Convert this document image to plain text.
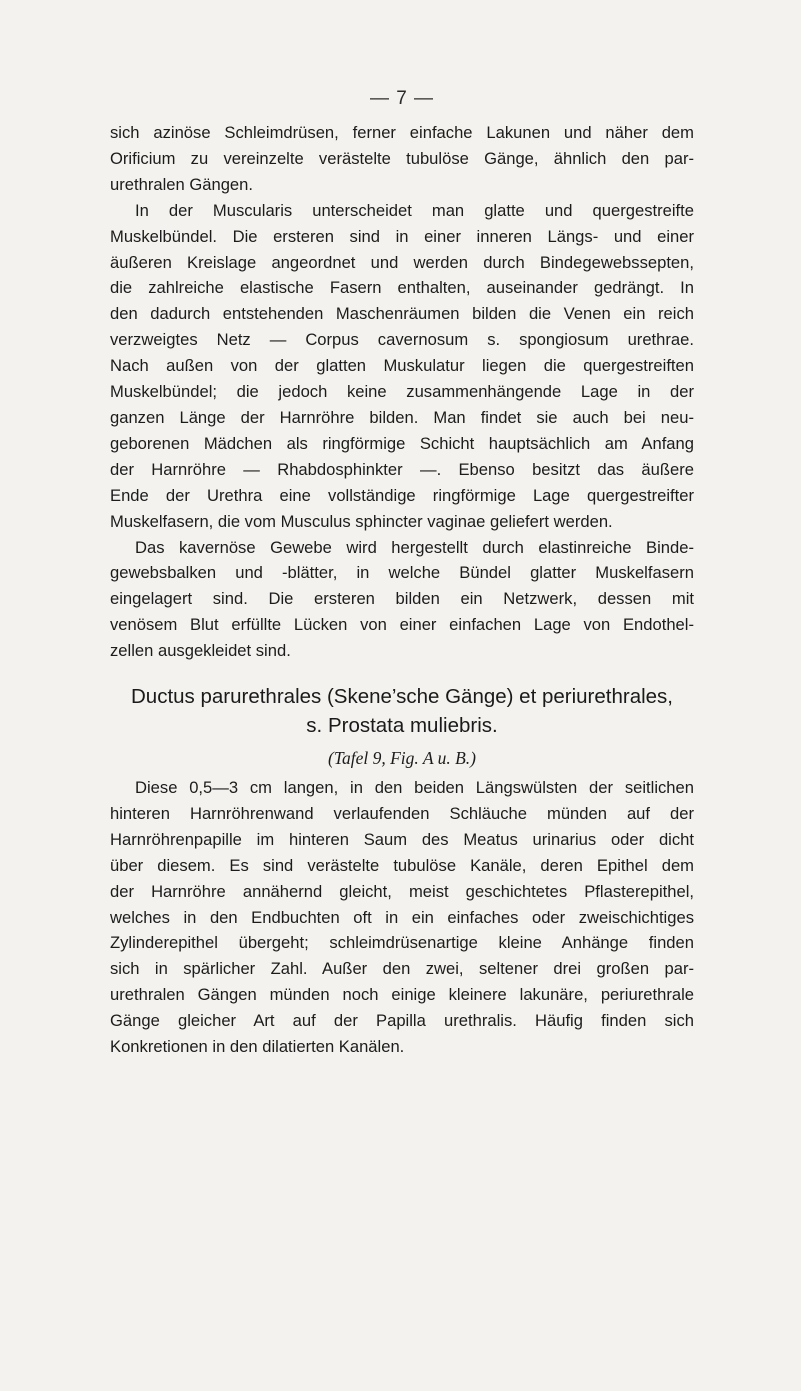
— 7 —

sich azinöse Schleimdrüsen, ferner einfache Lakunen und näher dem
Orificium zu vereinzelte verästelte tubulöse Gänge, ähnlich den par-
urethralen Gängen.

In der Muscularis unterscheidet man glatte und quergestreifte
Muskelbündel. Die ersteren sind in einer inneren Längs- und einer
äußeren Kreislage angeordnet und werden durch Bindegewebssepten,
die zahlreiche elastische Fasern enthalten, auseinander gedrängt. In
den dadurch entstehenden Maschenräumen bilden die Venen ein reich
verzweigtes Netz — Corpus cavernosum s. spongiosum urethrae.
Nach außen von der glatten Muskulatur liegen die quergestreiften
Muskelbündel; die jedoch keine zusammenhängende Lage in der
ganzen Länge der Harnröhre bilden. Man findet sie auch bei neu-
geborenen Mädchen als ringförmige Schicht hauptsächlich am Anfang
der Harnröhre — Rhabdosphinkter —. Ebenso besitzt das äußere
Ende der Urethra eine vollständige ringförmige Lage quergestreifter
Muskelfasern, die vom Musculus sphincter vaginae geliefert werden.

Das kavernöse Gewebe wird hergestellt durch elastinreiche Binde-
gewebsbalken und -blätter, in welche Bündel glatter Muskelfasern
eingelagert sind. Die ersteren bilden ein Netzwerk, dessen mit
venösem Blut erfüllte Lücken von einer einfachen Lage von Endothel-
zellen ausgekleidet sind.

Ductus parurethrales (Skene’sche Gänge) et periurethrales,
s. Prostata muliebris.
(Tafel 9, Fig. A u. B.)

Diese 0,5—3 cm langen, in den beiden Längswülsten der seitlichen
hinteren Harnröhrenwand verlaufenden Schläuche münden auf der
Harnröhrenpapille im hinteren Saum des Meatus urinarius oder dicht
über diesem. Es sind verästelte tubulöse Kanäle, deren Epithel dem
der Harnröhre annähernd gleicht, meist geschichtetes Pflasterepithel,
welches in den Endbuchten oft in ein einfaches oder zweischichtiges
Zylinderepithel übergeht; schleimdrüsenartige kleine Anhänge finden
sich in spärlicher Zahl. Außer den zwei, seltener drei großen par-
urethralen Gängen münden noch einige kleinere lakunäre, periurethrale
Gänge gleicher Art auf der Papilla urethralis. Häufig finden sich
Konkretionen in den dilatierten Kanälen.
